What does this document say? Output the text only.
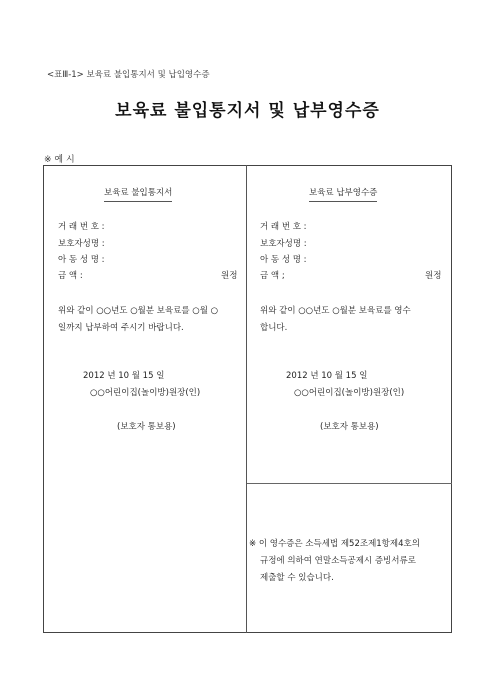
<표Ⅲ-1> 보육료 불입통지서 및 납입영수증
보육료 불입통지서 및 납부영수증
※ 예 시
보육료 불입통지서
거 래 번 호 :
보호자성명 :
아 동 성 명 :
금 액 :	원정
위와 같이 ○○년도 ○월분 보육료를 ○월 ○
일까지 납부하여 주시기 바랍니다.
2012 년 10 월 15 일
○○어린이집(놀이방)원장(인)
(보호자 통보용)
보육료 납부영수증
거 래 번 호 :
보호자성명 :
아 동 성 명 :
금 액 ;	원정
위와 같이 ○○년도 ○월분 보육료를 영수
합니다.
2012 년 10 월 15 일
○○어린이집(놀이방)원장(인)
(보호자 통보용)
※ 이 영수증은 소득세법 제52조제1항제4호의
규정에 의하여 연말소득공제시 증빙서류로
제출할 수 있습니다.
